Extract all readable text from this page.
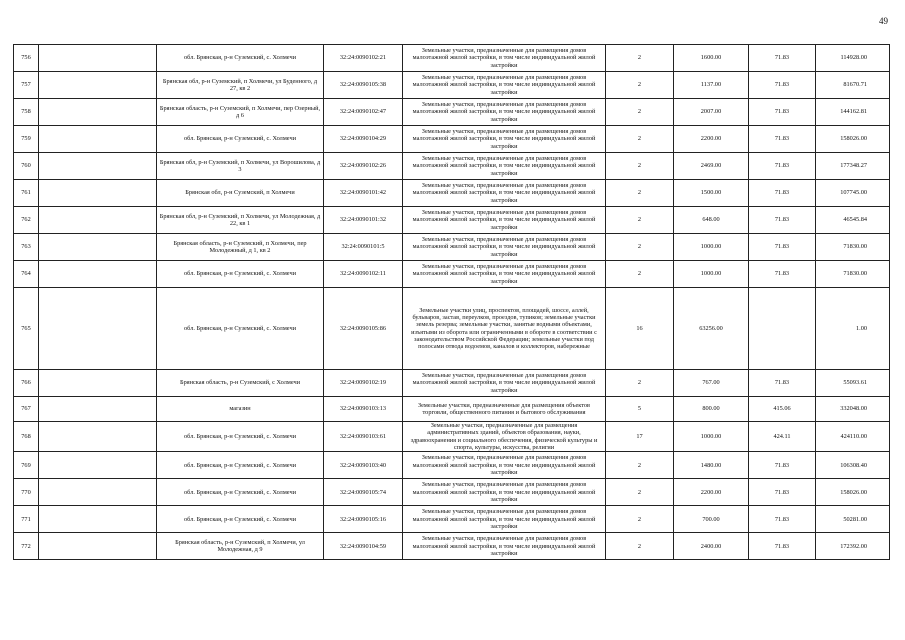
49
756		обл. Брянская, р-н Суземский, с. Холмечи	32:24:0090102:21	Земельные участки, предназначенные для размещения домов малоэтажной жилой застройки, в том числе индивидуальной жилой застройки	2	1600.00	71.83	114928.00
757		Брянская обл, р-н Суземский, п Холмечи, ул Буденного, д 27, кв 2	32:24:0090105:38	Земельные участки, предназначенные для размещения домов малоэтажной жилой застройки, в том числе индивидуальной жилой застройки	2	1137.00	71.83	81670.71
758		Брянская область, р-н Суземский, п Холмечи, пер Озерный, д 6	32:24:0090102:47	Земельные участки, предназначенные для размещения домов малоэтажной жилой застройки, в том числе индивидуальной жилой застройки	2	2007.00	71.83	144162.81
759		обл. Брянская, р-н Суземский, с. Холмечи	32:24:0090104:29	Земельные участки, предназначенные для размещения домов малоэтажной жилой застройки, в том числе индивидуальной жилой застройки	2	2200.00	71.83	158026.00
760		Брянская обл, р-н Суземский, п Холмечи, ул Ворошилова, д 3	32:24:0090102:26	Земельные участки, предназначенные для размещения домов малоэтажной жилой застройки, в том числе индивидуальной жилой застройки	2	2469.00	71.83	177348.27
761		Брянская обл, р-н Суземский, п Холмечи	32:24:0090101:42	Земельные участки, предназначенные для размещения домов малоэтажной жилой застройки, в том числе индивидуальной жилой застройки	2	1500.00	71.83	107745.00
762		Брянская обл, р-н Суземский, п Холмечи, ул Молодежная, д 22, кв 1	32:24:0090101:32	Земельные участки, предназначенные для размещения домов малоэтажной жилой застройки, в том числе индивидуальной жилой застройки	2	648.00	71.83	46545.84
763		Брянская область, р-н Суземский, п Холмечи, пер Молодежный, д 1, кв 2	32:24:0090101:5	Земельные участки, предназначенные для размещения домов малоэтажной жилой застройки, в том числе индивидуальной жилой застройки	2	1000.00	71.83	71830.00
764		обл. Брянская, р-н Суземский, с. Холмечи	32:24:0090102:11	Земельные участки, предназначенные для размещения домов малоэтажной жилой застройки, в том числе индивидуальной жилой застройки	2	1000.00	71.83	71830.00
765		обл. Брянская, р-н Суземский, с. Холмечи	32:24:0090105:86	Земельные участки улиц, проспектов, площадей, шоссе, аллей, бульваров, застав, переулков, проездов, тупиков; земельные участки земель резерва; земельные участки, занятые водными объектами, изъятыми из оборота или ограниченными в обороте в соответствии с законодательством Российской Федерации; земельные участки под полосами отвода водоемов, каналов и коллекторов, набережные	16	63256.00		1.00
766		Брянская область, р-н Суземский, с Холмечи	32:24:0090102:19	Земельные участки, предназначенные для размещения домов малоэтажной жилой застройки, в том числе индивидуальной жилой застройки	2	767.00	71.83	55093.61
767		магазин	32:24:0090103:13	Земельные участки, предназначенные для размещения объектов торговли, общественного питания и бытового обслуживания	5	800.00	415.06	332048.00
768		обл. Брянская, р-н Суземский, с. Холмечи	32:24:0090103:61	Земельные участки, предназначенные для размещения административных зданий, объектов образования, науки, здравоохранения и социального обеспечения, физической культуры и спорта, культуры, искусства, религии	17	1000.00	424.11	424110.00
769		обл. Брянская, р-н Суземский, с. Холмечи	32:24:0090103:40	Земельные участки, предназначенные для размещения домов малоэтажной жилой застройки, в том числе индивидуальной жилой застройки	2	1480.00	71.83	106308.40
770		обл. Брянская, р-н Суземский, с. Холмечи	32:24:0090105:74	Земельные участки, предназначенные для размещения домов малоэтажной жилой застройки, в том числе индивидуальной жилой застройки	2	2200.00	71.83	158026.00
771		обл. Брянская, р-н Суземский, с. Холмечи	32:24:0090105:16	Земельные участки, предназначенные для размещения домов малоэтажной жилой застройки, в том числе индивидуальной жилой застройки	2	700.00	71.83	50281.00
772		Брянская область, р-н Суземский, п Холмечи, ул Молодежная, д 9	32:24:0090104:59	Земельные участки, предназначенные для размещения домов малоэтажной жилой застройки, в том числе индивидуальной жилой застройки	2	2400.00	71.83	172392.00
